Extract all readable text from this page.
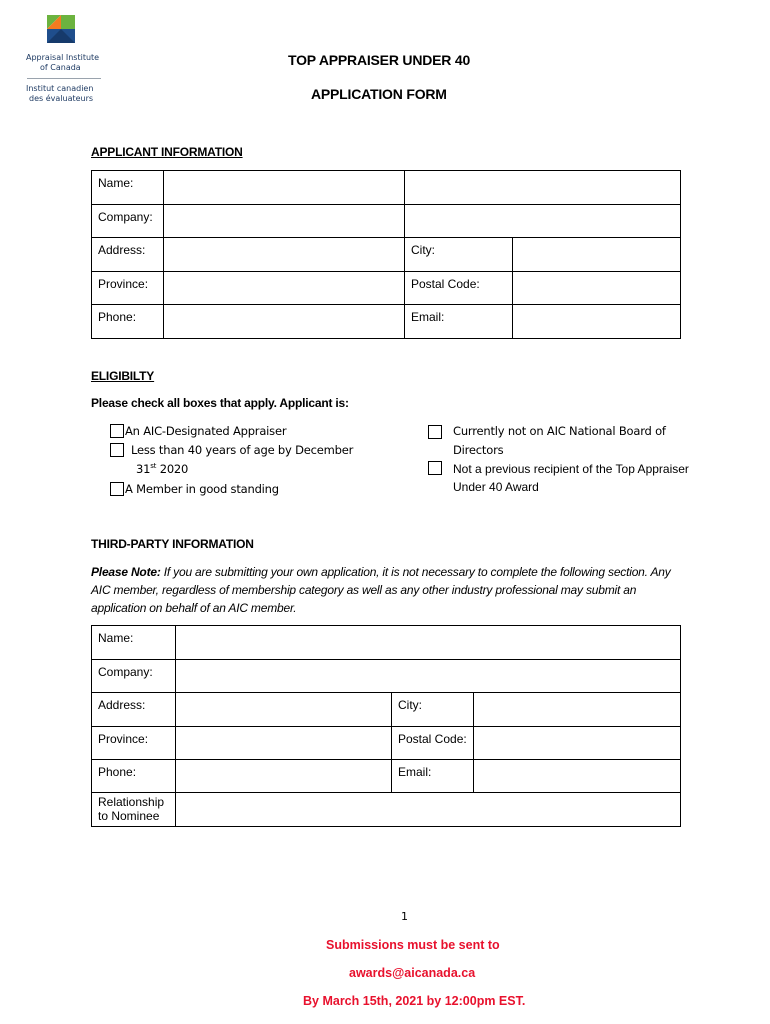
Appraisal Institute
of Canada
Institut canadien
des évaluateurs
TOP APPRAISER UNDER 40
APPLICATION FORM
APPLICANT INFORMATION
Name:			
Company:			
Address:		City:	
Province:		Postal Code:	
Phone:		Email:	
ELIGIBILTY
Please check all boxes that apply. Applicant is:
An AIC-Designated Appraiser
Less than 40 years of age by December
31st 2020
A Member in good standing
Currently not on AIC National Board of
Directors
Not a previous recipient of the Top Appraiser
Under 40 Award
THIRD-PARTY INFORMATION
Please Note: If you are submitting your own application, it is not necessary to complete the following section. Any
AIC member, regardless of membership category as well as any other industry professional may submit an
application on behalf of an AIC member.
Name:			
Company:			
Address:		City:	
Province:		Postal Code:	
Phone:		Email:	
Relationship
to Nominee			
1
Submissions must be sent to
awards@aicanada.ca
By March 15th, 2021 by 12:00pm EST.
